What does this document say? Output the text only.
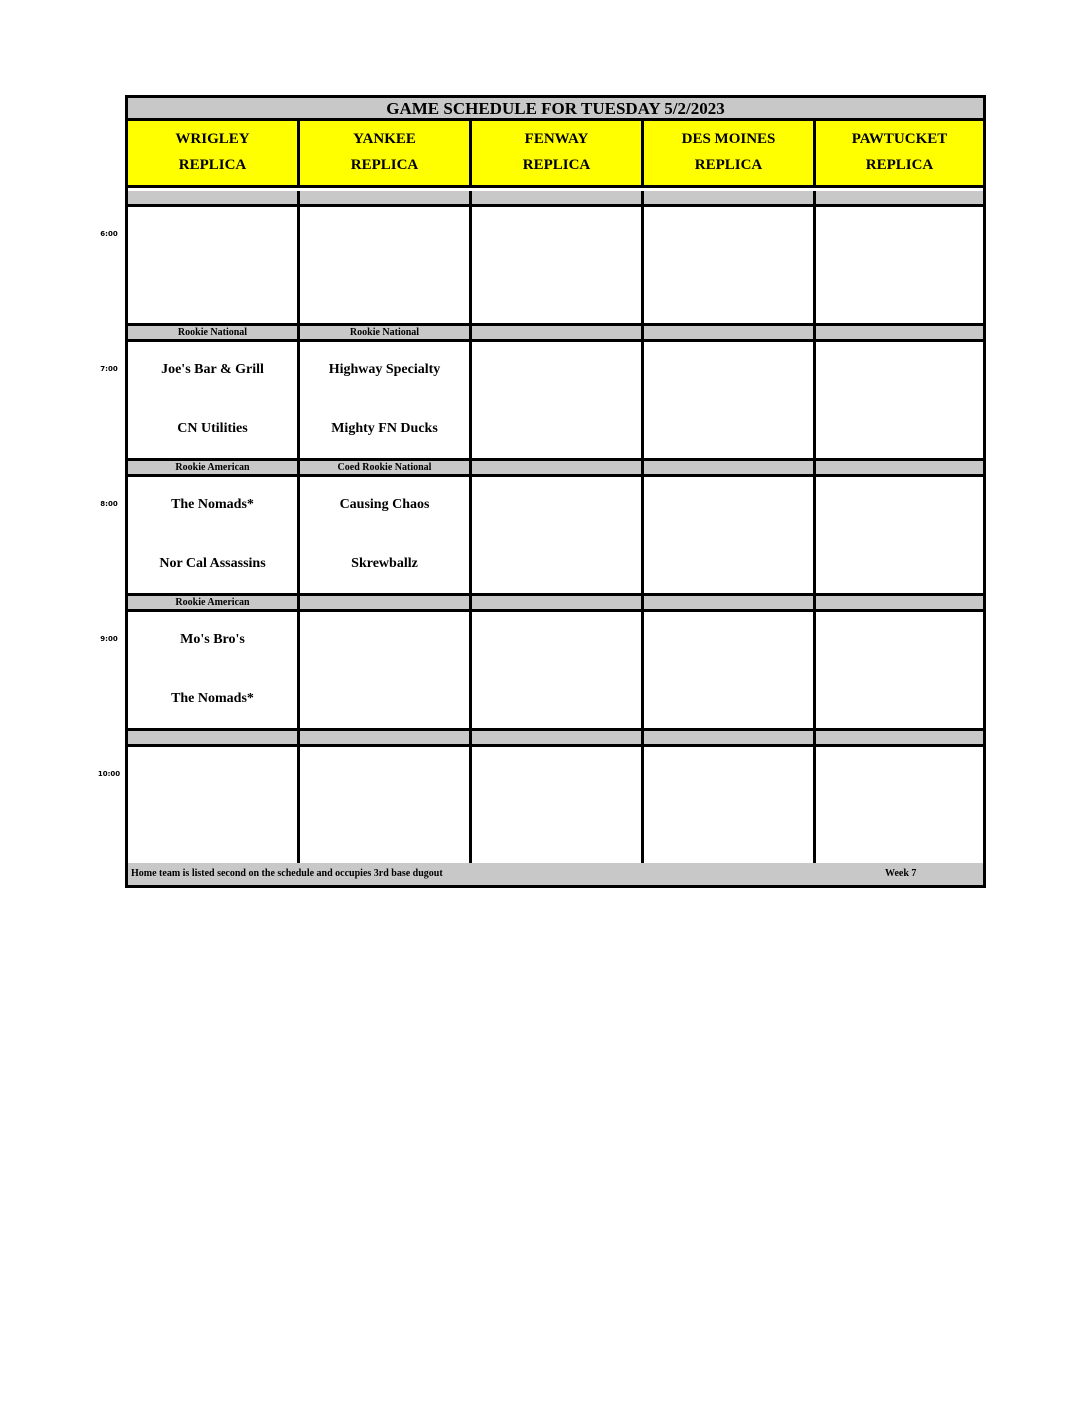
GAME SCHEDULE FOR TUESDAY 5/2/2023
WRIGLEY
REPLICA
YANKEE
REPLICA
FENWAY
REPLICA
DES MOINES
REPLICA
PAWTUCKET
REPLICA
Rookie National
Joe's Bar & Grill
CN Utilities
Rookie National
Highway Specialty
Mighty FN Ducks
Rookie American
The Nomads*
Nor Cal Assassins
Coed Rookie National
Causing Chaos
Skrewballz
Rookie American
Mo's Bro's
The Nomads*
Home team is listed second on the schedule and occupies 3rd base dugout	Week 7
6:00
7:00
8:00
9:00
10:00
